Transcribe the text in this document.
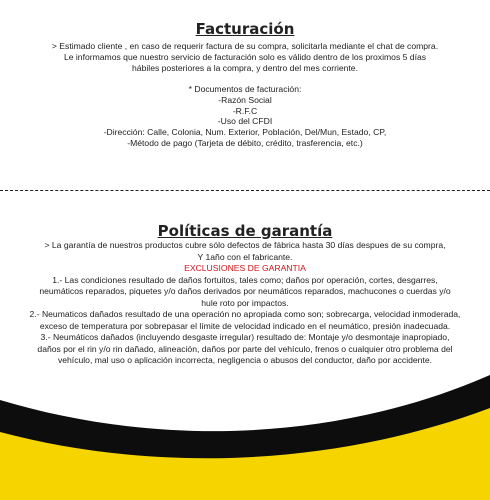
Facturación
> Estimado cliente , en caso de requerir factura de su compra, solicitarla mediante el chat de compra.
Le informamos que nuestro servicio de facturación solo es válido dentro de los proximos 5 días
hábiles posteriores a la compra, y dentro del mes corriente.
* Documentos de facturación:
-Razón Social
-R.F.C
-Uso del CFDI
-Dirección: Calle, Colonia, Num. Exterior, Población, Del/Mun, Estado, CP,
-Método de pago (Tarjeta de débito, crédito, trasferencia, etc.)
Políticas de garantía
> La garantía de nuestros productos cubre sólo defectos de fábrica hasta 30 días despues de su compra,
Y 1año con el fabricante.
EXCLUSIONES DE GARANTIA
1.- Las condiciones resultado de daños fortuitos, tales como; daños por operación, cortes, desgarres,
neumáticos reparados, piquetes y/o daños derivados por neumáticos reparados, machucones o cuerdas y/o
hule roto por impactos.
2.- Neumaticos dañados resultado de una operación no apropiada como son; sobrecarga, velocidad inmoderada,
exceso de temperatura por sobrepasar el límite de velocidad indicado en el neumático, presión inadecuada.
3.- Neumáticos dañados (incluyendo desgaste irregular) resultado de: Montaje y/o desmontaje inapropiado,
daños por el rin y/o rin dañado, alineación, daños por parte del vehículo, frenos o cualquier otro problema del
vehículo, mal uso o aplicación incorrecta, negligencia o abusos del conductor, daño por accidente.
